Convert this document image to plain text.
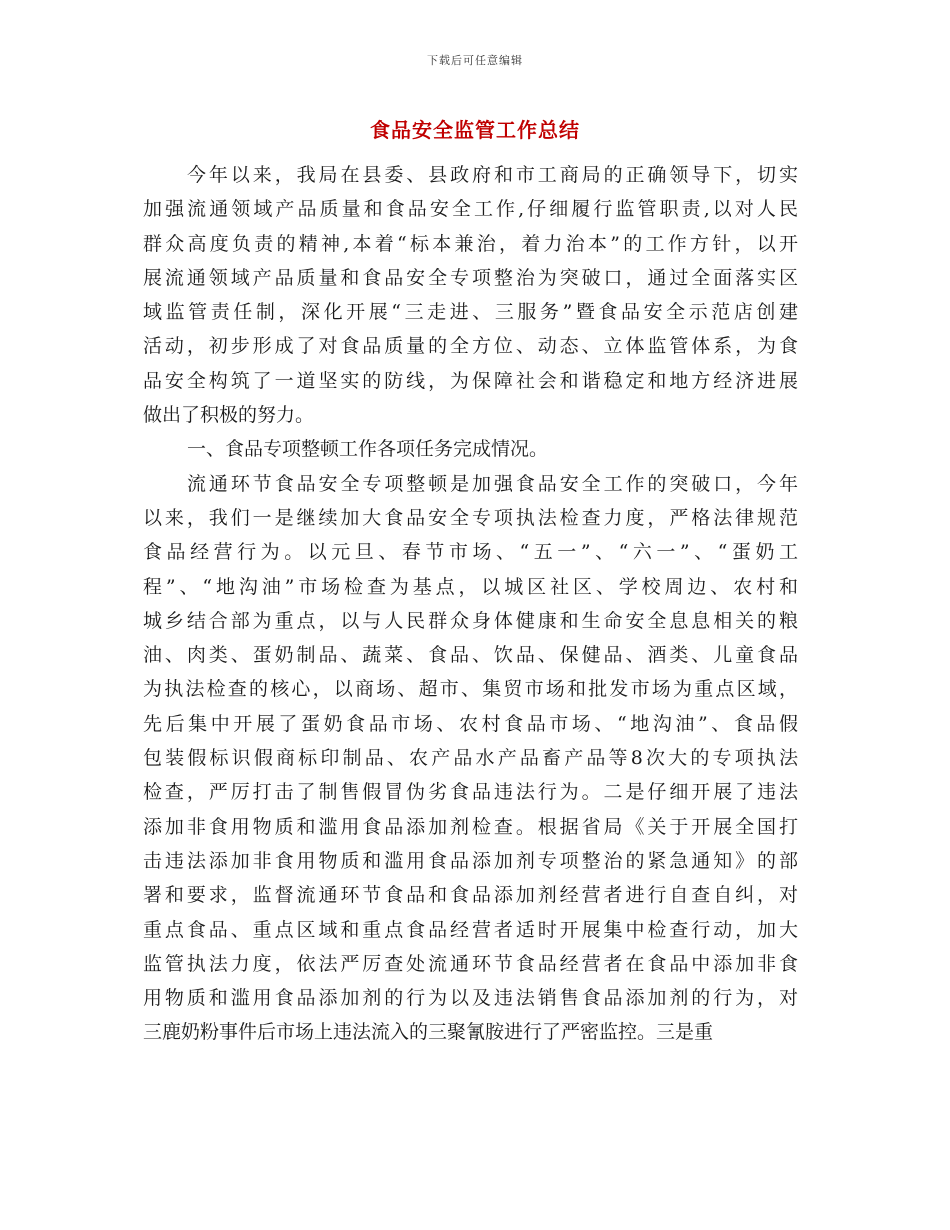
下载后可任意编辑
食品安全监管工作总结
今年以来，我局在县委、县政府和市工商局的正确领导下，切实
加强流通领域产品质量和食品安全工作,仔细履行监管职责,以对人民
群众高度负责的精神,本着“标本兼治，着力治本”的工作方针，以开
展流通领域产品质量和食品安全专项整治为突破口，通过全面落实区
域监管责任制，深化开展“三走进、三服务”暨食品安全示范店创建
活动，初步形成了对食品质量的全方位、动态、立体监管体系，为食
品安全构筑了一道坚实的防线，为保障社会和谐稳定和地方经济进展
做出了积极的努力。
一、食品专项整顿工作各项任务完成情况。
流通环节食品安全专项整顿是加强食品安全工作的突破口，今年
以来，我们一是继续加大食品安全专项执法检查力度，严格法律规范
食品经营行为。以元旦、春节市场、“五一”、“六一”、“蛋奶工
程”、“地沟油”市场检查为基点，以城区社区、学校周边、农村和
城乡结合部为重点，以与人民群众身体健康和生命安全息息相关的粮
油、肉类、蛋奶制品、蔬菜、食品、饮品、保健品、酒类、儿童食品
为执法检查的核心，以商场、超市、集贸市场和批发市场为重点区域，
先后集中开展了蛋奶食品市场、农村食品市场、“地沟油”、食品假
包装假标识假商标印制品、农产品水产品畜产品等8次大的专项执法
检查，严厉打击了制售假冒伪劣食品违法行为。二是仔细开展了违法
添加非食用物质和滥用食品添加剂检查。根据省局《关于开展全国打
击违法添加非食用物质和滥用食品添加剂专项整治的紧急通知》的部
署和要求，监督流通环节食品和食品添加剂经营者进行自查自纠，对
重点食品、重点区域和重点食品经营者适时开展集中检查行动，加大
监管执法力度，依法严厉查处流通环节食品经营者在食品中添加非食
用物质和滥用食品添加剂的行为以及违法销售食品添加剂的行为，对
三鹿奶粉事件后市场上违法流入的三聚氰胺进行了严密监控。三是重
